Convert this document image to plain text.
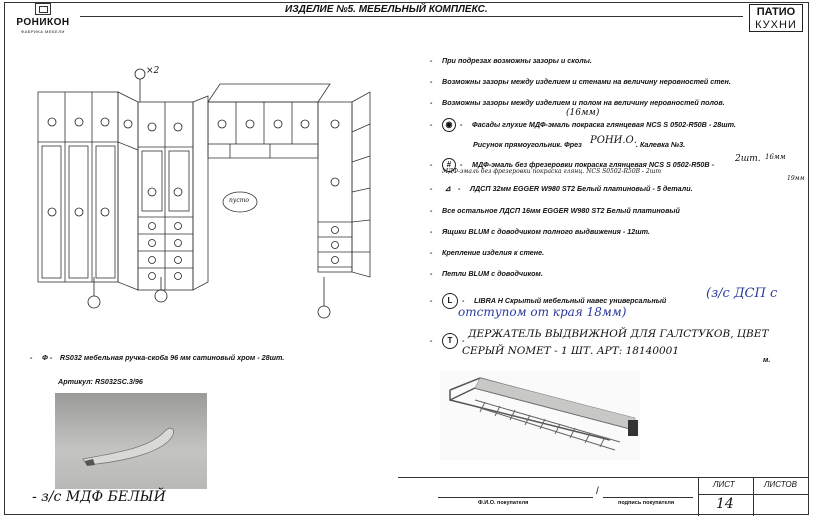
РОНИКОН
ФАБРИКА МЕБЕЛИ
ИЗДЕЛИЕ №5. МЕБЕЛЬНЫЙ КОМПЛЕКС.	ПАТИО
КУХНИ
×2
пусто
- При подрезах возможны зазоры и сколы.
- Возможны зазоры между изделием и стенами на величину неровностей стен.
- Возможны зазоры между изделием и полом на величину неровностей полов.
(16мм)
- ◉ - Фасады глухие МДФ-эмаль покраска глянцевая NCS S 0502-R50B - 28шт.
Рисунок прямоугольник. Фрез РОНИ.О. . Калевка №3.
- # - МДФ-эмаль без фрезеровки покраска глянцевая NCS S 0502-R50B -
2шт. 16мм
МДФ-эмаль без фрезеровки покраска глянц. NCS S0502-R50B - 2шт
19мм
- ⊿ - ЛДСП 32мм EGGER W980 ST2 Белый платиновый - 5 детали.
- Все остальное ЛДСП 16мм EGGER W980 ST2 Белый платиновый
- Ящики BLUM с доводчиком полного выдвижения - 12шт.
- Крепление изделия к стене.
- Петли BLUM с доводчиком.
- L - LIBRA H Скрытый мебельный навес универсальный	(з/с ДСП с
отступом от края 18мм)
- T -
ДЕРЖАТЕЛЬ ВЫДВИЖНОЙ ДЛЯ ГАЛСТУКОВ, ЦВЕТ
СЕРЫЙ NOMET - 1 ШТ. АРТ: 18140001
м.
- Φ - RS032 мебельная ручка-скоба 96 мм сатиновый хром - 28шт.
Артикул: RS032SC.3/96
- з/с МДФ БЕЛЫЙ	/
Ф.И.О. покупателя	подпись покупателя
ЛИСТ	ЛИСТОВ
14
